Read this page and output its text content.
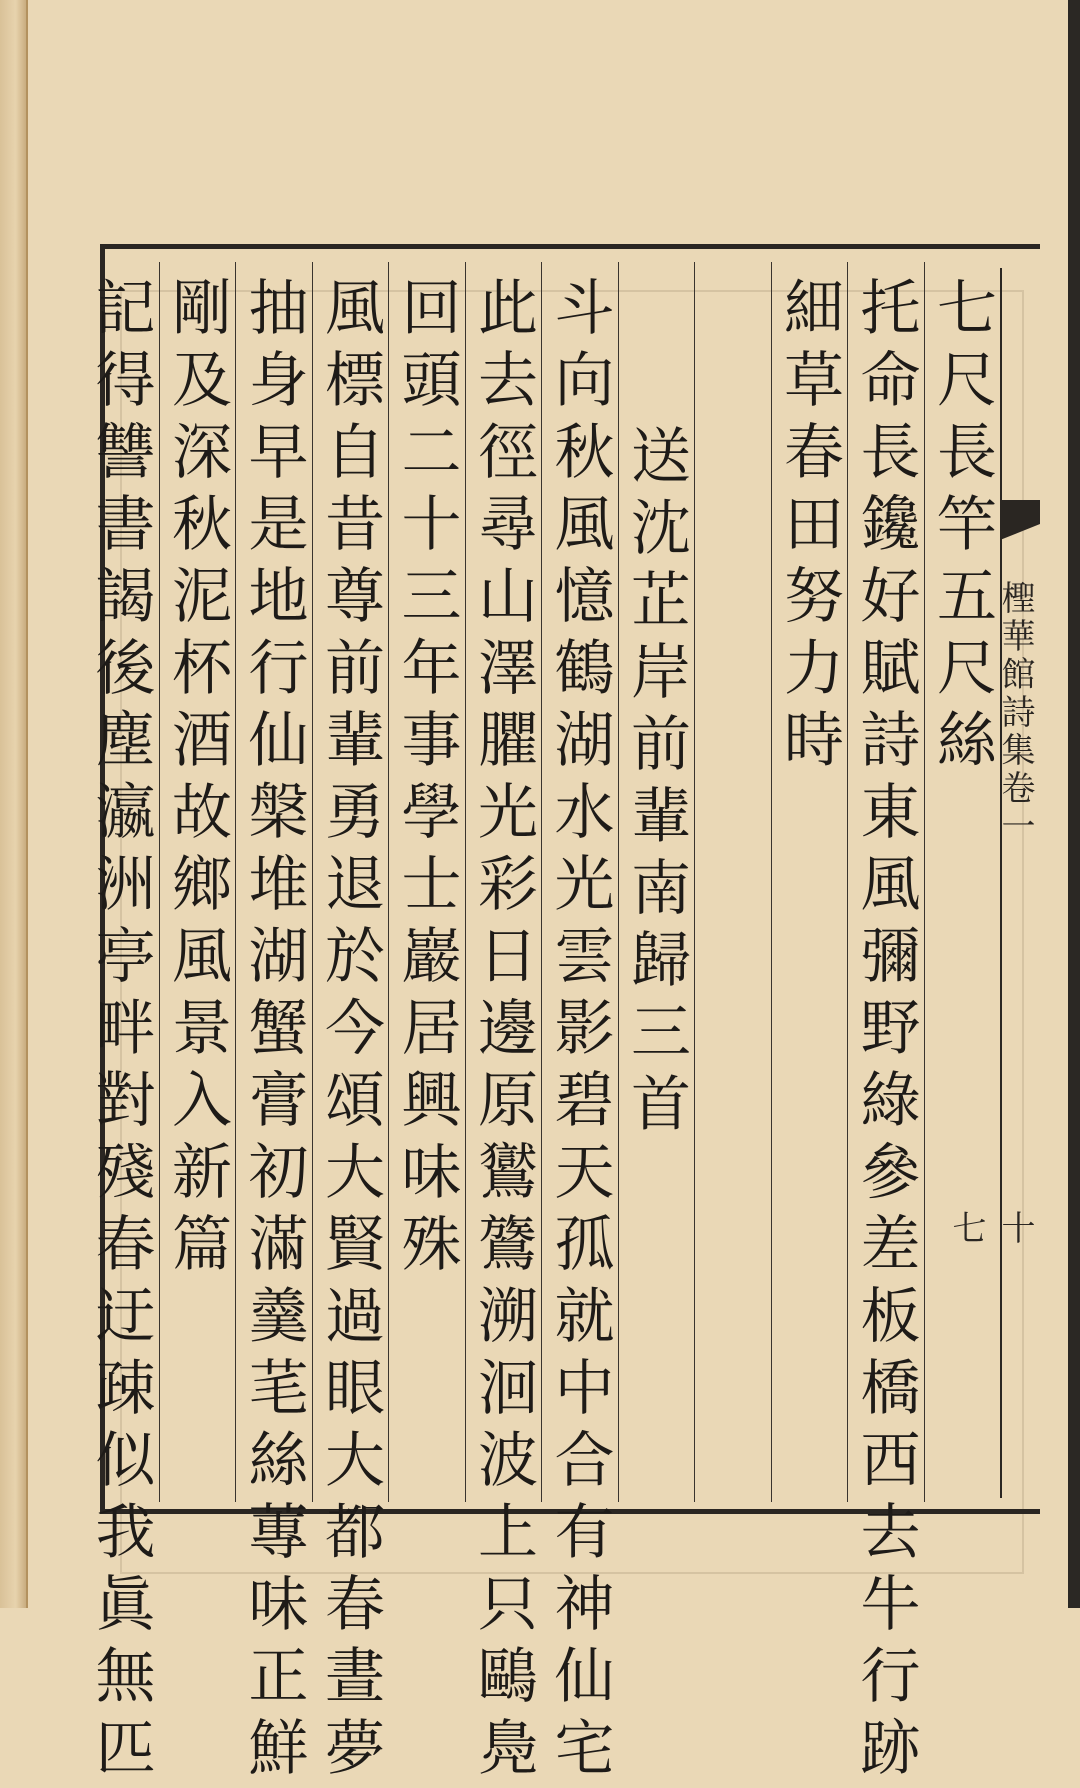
檉華館詩集卷一
十七
七尺長竿五尺絲
托命長鑱好賦詩東風彌野綠參差板橋西去牛行跡
細草春田努力時
送沈芷岸前輩南歸三首
斗向秋風憶鶴湖水光雲影碧天孤就中合有神仙宅
此去徑尋山澤臞光彩日邊原鸑鷟溯洄波上只鷗鳧
回頭二十三年事學士巖居興味殊
風標自昔尊前輩勇退於今頌大賢過眼大都春晝夢
抽身早是地行仙槃堆湖蟹膏初滿羹芼絲蓴味正鮮
剛及深秋泥杯酒故鄉風景入新篇
記得讐書謁後塵瀛洲亭畔對殘春迂疎似我眞無匹
